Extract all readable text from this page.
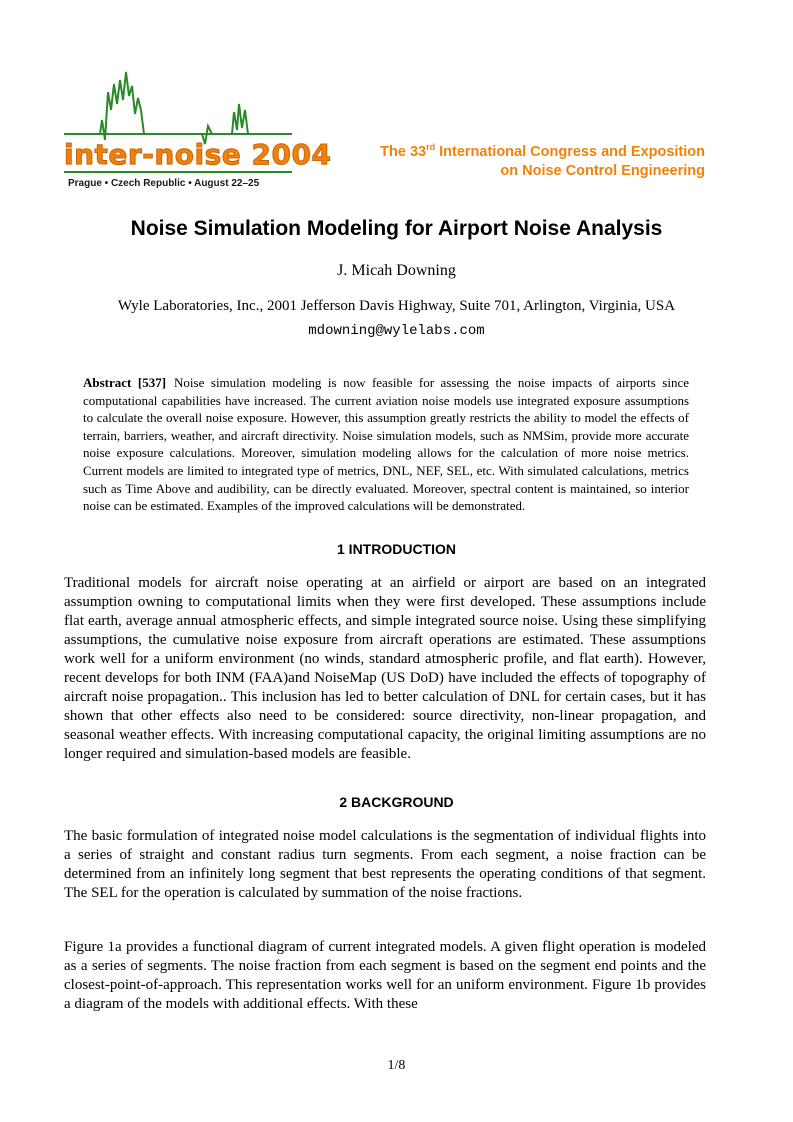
inter-noise 2004
Prague • Czech Republic • August 22–25
The 33rd International Congress and Exposition
on Noise Control Engineering
Noise Simulation Modeling for Airport Noise Analysis
J. Micah Downing
Wyle Laboratories, Inc., 2001 Jefferson Davis Highway, Suite 701, Arlington, Virginia, USA
mdowning@wylelabs.com
Abstract [537] Noise simulation modeling is now feasible for assessing the noise impacts of airports since computational capabilities have increased. The current aviation noise models use integrated exposure assumptions to calculate the overall noise exposure. However, this assumption greatly restricts the ability to model the effects of terrain, barriers, weather, and aircraft directivity. Noise simulation models, such as NMSim, provide more accurate noise exposure calculations. Moreover, simulation modeling allows for the calculation of more noise metrics. Current models are limited to integrated type of metrics, DNL, NEF, SEL, etc. With simulated calculations, metrics such as Time Above and audibility, can be directly evaluated. Moreover, spectral content is maintained, so interior noise can be estimated. Examples of the improved calculations will be demonstrated.
1 INTRODUCTION
Traditional models for aircraft noise operating at an airfield or airport are based on an integrated assumption owning to computational limits when they were first developed. These assumptions include flat earth, average annual atmospheric effects, and simple integrated source noise. Using these simplifying assumptions, the cumulative noise exposure from aircraft operations are estimated. These assumptions work well for a uniform environment (no winds, standard atmospheric profile, and flat earth). However, recent develops for both INM (FAA)and NoiseMap (US DoD) have included the effects of topography of aircraft noise propagation.. This inclusion has led to better calculation of DNL for certain cases, but it has shown that other effects also need to be considered: source directivity, non-linear propagation, and seasonal weather effects. With increasing computational capacity, the original limiting assumptions are no longer required and simulation-based models are feasible.
2 BACKGROUND
The basic formulation of integrated noise model calculations is the segmentation of individual flights into a series of straight and constant radius turn segments. From each segment, a noise fraction can be determined from an infinitely long segment that best represents the operating conditions of that segment. The SEL for the operation is calculated by summation of the noise fractions.
Figure 1a provides a functional diagram of current integrated models. A given flight operation is modeled as a series of segments. The noise fraction from each segment is based on the segment end points and the closest-point-of-approach. This representation works well for an uniform environment. Figure 1b provides a diagram of the models with additional effects. With these
1/8
